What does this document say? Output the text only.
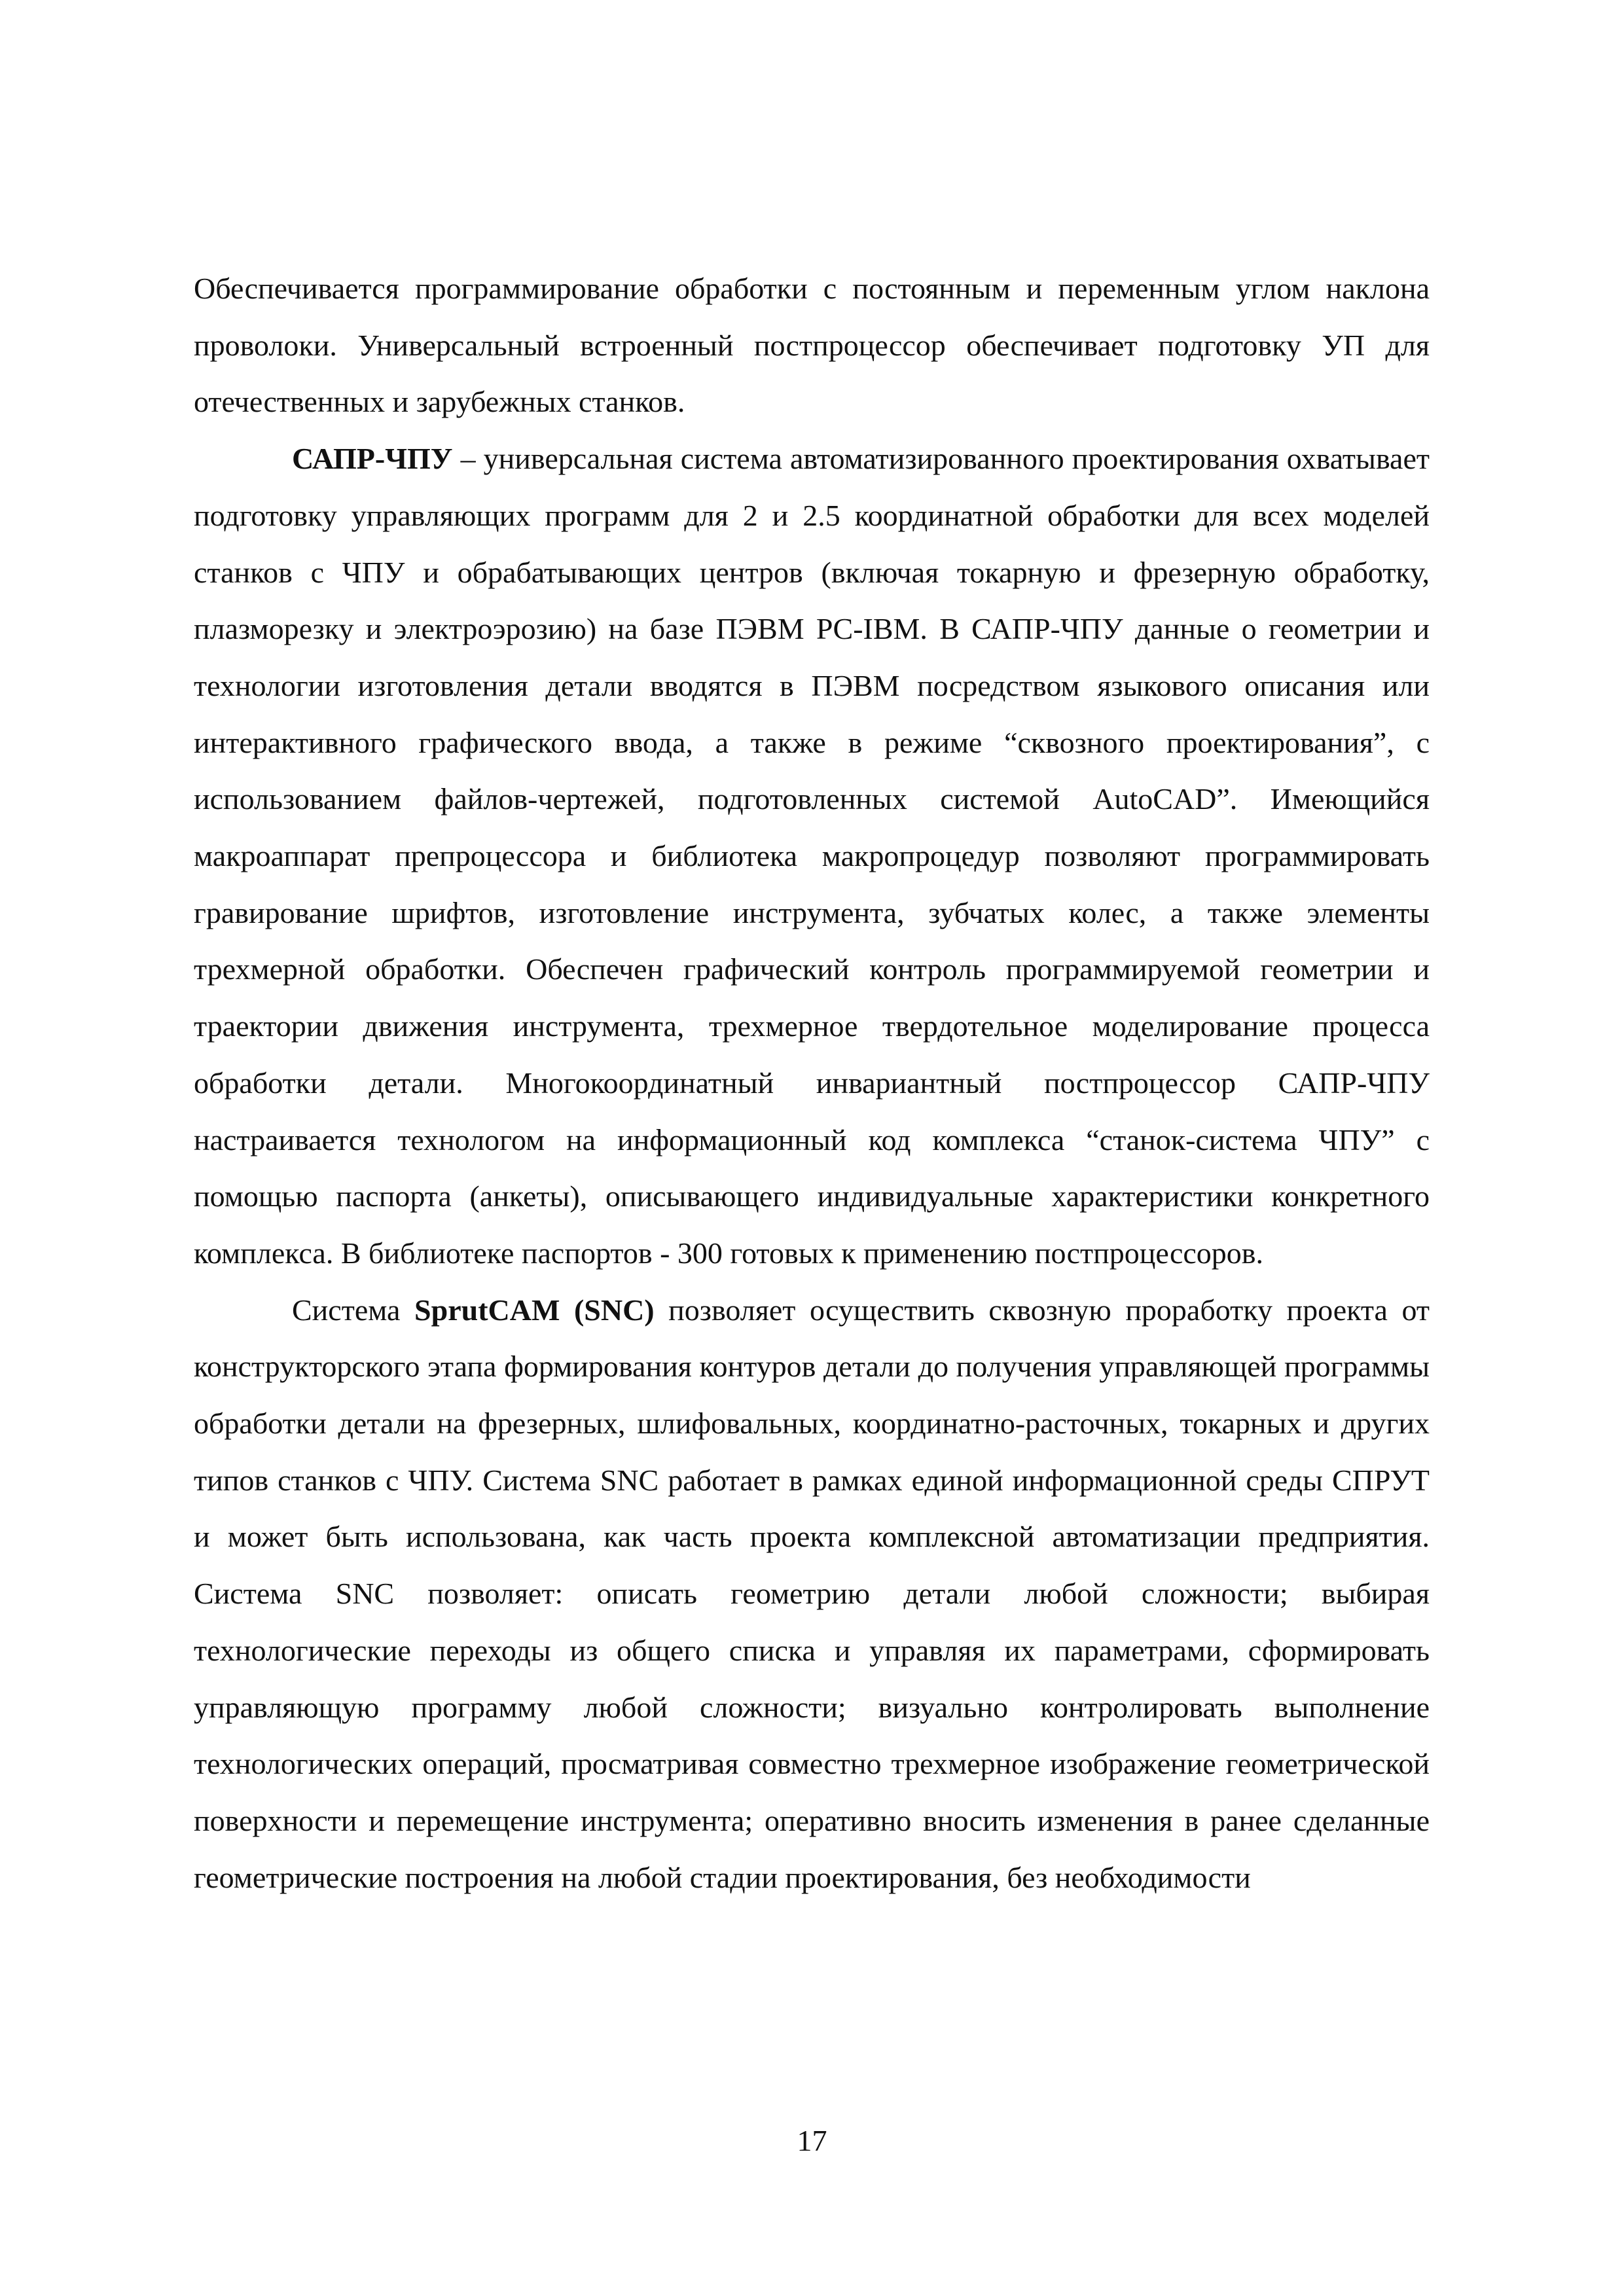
Обеспечивается программирование обработки с постоянным и переменным углом наклона проволоки. Универсальный встроенный постпроцессор обеспечивает подготовку УП для отечественных и зарубежных станков.

САПР-ЧПУ – универсальная система автоматизированного проектирования охватывает подготовку управляющих программ для 2 и 2.5 координатной обработки для всех моделей станков с ЧПУ и обрабатывающих центров (включая токарную и фрезерную обработку, плазморезку и электроэрозию) на базе ПЭВМ PC-IBM. В САПР-ЧПУ данные о геометрии и технологии изготовления детали вводятся в ПЭВМ посредством языкового описания или интерактивного графического ввода, а также в режиме “сквозного проектирования”, с использованием файлов-чертежей, подготовленных системой AutoCAD”. Имеющийся макроаппарат препроцессора и библиотека макропроцедур позволяют программировать гравирование шрифтов, изготовление инструмента, зубчатых колес, а также элементы трехмерной обработки. Обеспечен графический контроль программируемой геометрии и траектории движения инструмента, трехмерное твердотельное моделирование процесса обработки детали. Многокоординатный инвариантный постпроцессор САПР-ЧПУ настраивается технологом на информационный код комплекса “станок-система ЧПУ” с помощью паспорта (анкеты), описывающего индивидуальные характеристики конкретного комплекса. В библиотеке паспортов - 300 готовых к применению постпроцессоров.

Система SprutCAM (SNC) позволяет осуществить сквозную проработку проекта от конструкторского этапа формирования контуров детали до получения управляющей программы обработки детали на фрезерных, шлифовальных, координатно-расточных, токарных и других типов станков с ЧПУ. Система SNC работает в рамках единой информационной среды СПРУТ и может быть использована, как часть проекта комплексной автоматизации предприятия. Система SNC позволяет: описать геометрию детали любой сложности; выбирая технологические переходы из общего списка и управляя их параметрами, сформировать управляющую программу любой сложности; визуально контролировать выполнение технологических операций, просматривая совместно трехмерное изображение геометрической поверхности и перемещение инструмента; оперативно вносить изменения в ранее сделанные геометрические построения на любой стадии проектирования, без необходимости

17
